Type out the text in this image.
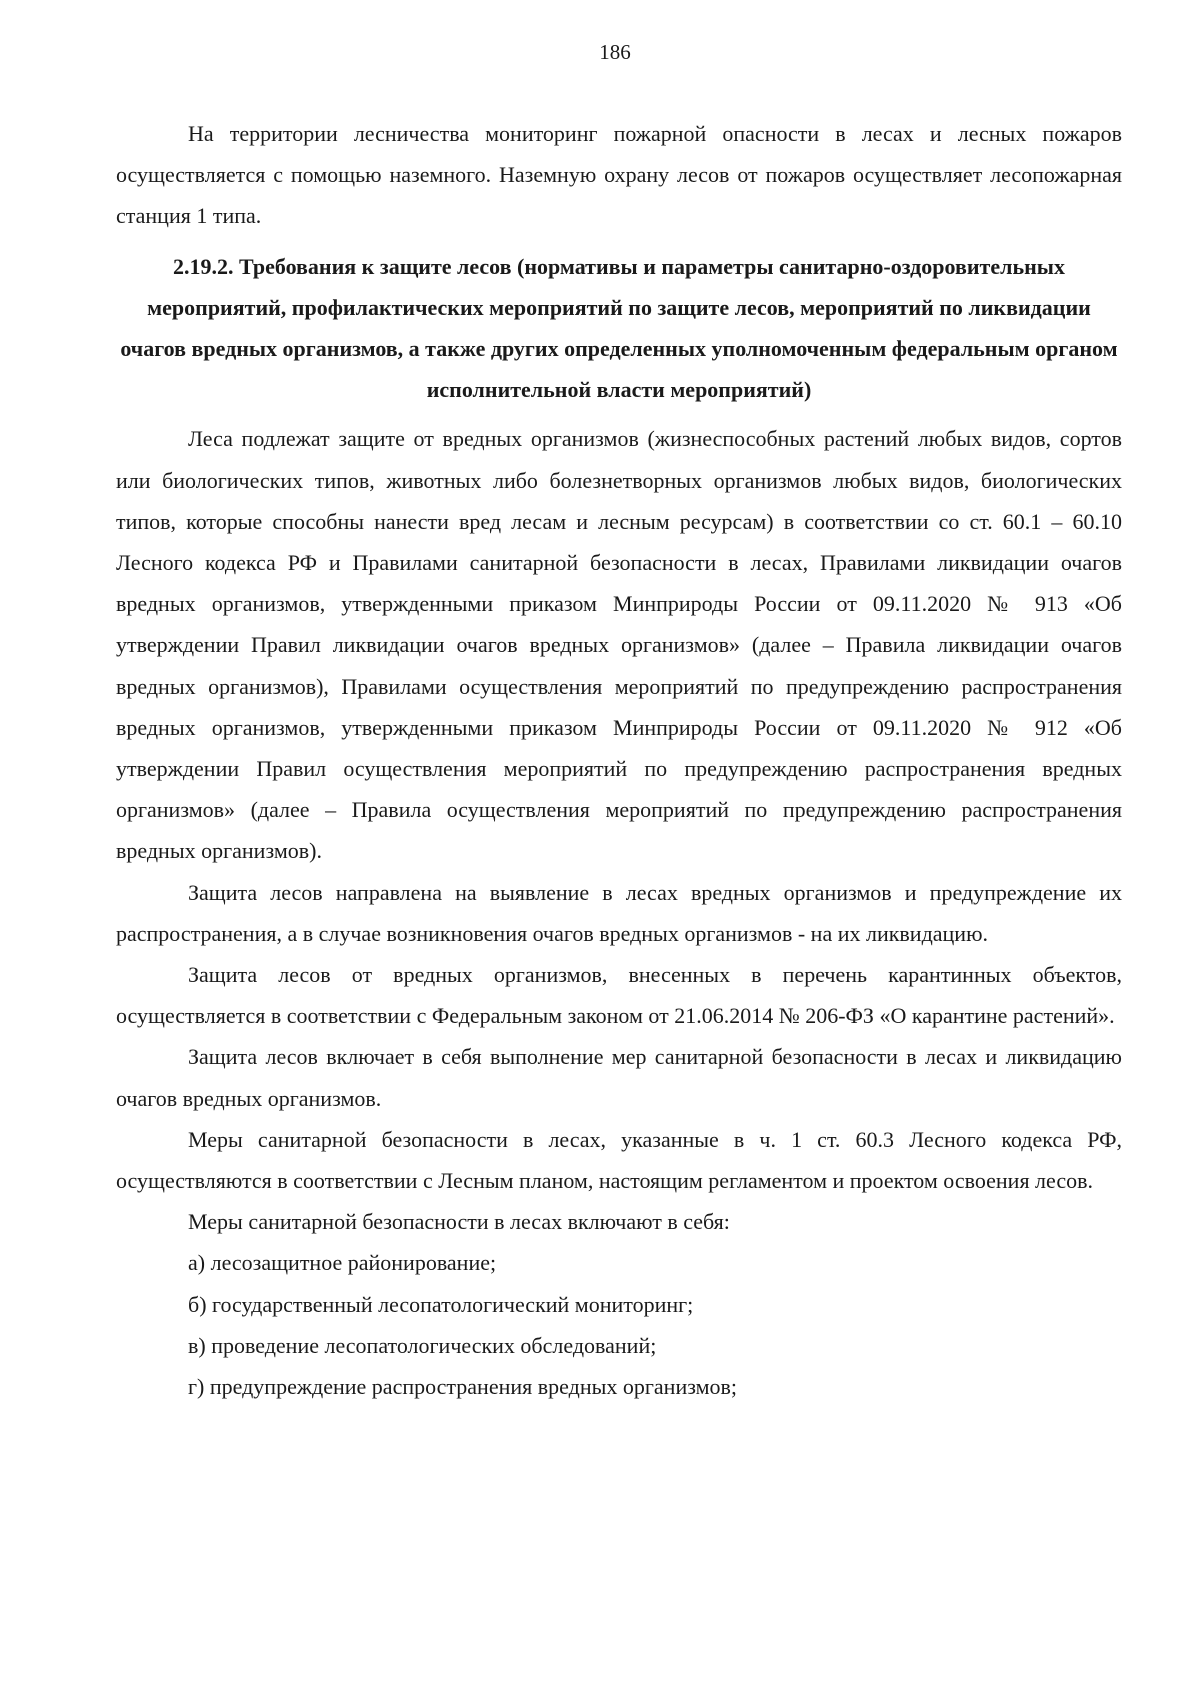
186

На территории лесничества мониторинг пожарной опасности в лесах и лесных пожаров осуществляется с помощью наземного. Наземную охрану лесов от пожаров осуществляет лесопожарная станция 1 типа.

2.19.2. Требования к защите лесов (нормативы и параметры санитарно-оздоровительных мероприятий, профилактических мероприятий по защите лесов, мероприятий по ликвидации очагов вредных организмов, а также других определенных уполномоченным федеральным органом исполнительной власти мероприятий)

Леса подлежат защите от вредных организмов (жизнеспособных растений любых видов, сортов или биологических типов, животных либо болезнетворных организмов любых видов, биологических типов, которые способны нанести вред лесам и лесным ресурсам) в соответствии со ст. 60.1 – 60.10 Лесного кодекса РФ и Правилами санитарной безопасности в лесах, Правилами ликвидации очагов вредных организмов, утвержденными приказом Минприроды России от 09.11.2020 № 913 «Об утверждении Правил ликвидации очагов вредных организмов» (далее – Правила ликвидации очагов вредных организмов), Правилами осуществления мероприятий по предупреждению распространения вредных организмов, утвержденными приказом Минприроды России от 09.11.2020 № 912 «Об утверждении Правил осуществления мероприятий по предупреждению распространения вредных организмов» (далее – Правила осуществления мероприятий по предупреждению распространения вредных организмов).

Защита лесов направлена на выявление в лесах вредных организмов и предупреждение их распространения, а в случае возникновения очагов вредных организмов - на их ликвидацию.

Защита лесов от вредных организмов, внесенных в перечень карантинных объектов, осуществляется в соответствии с Федеральным законом от 21.06.2014 № 206-ФЗ «О карантине растений».

Защита лесов включает в себя выполнение мер санитарной безопасности в лесах и ликвидацию очагов вредных организмов.

Меры санитарной безопасности в лесах, указанные в ч. 1 ст. 60.3 Лесного кодекса РФ, осуществляются в соответствии с Лесным планом, настоящим регламентом и проектом освоения лесов.

Меры санитарной безопасности в лесах включают в себя:

а) лесозащитное районирование;

б) государственный лесопатологический мониторинг;

в) проведение лесопатологических обследований;

г) предупреждение распространения вредных организмов;
